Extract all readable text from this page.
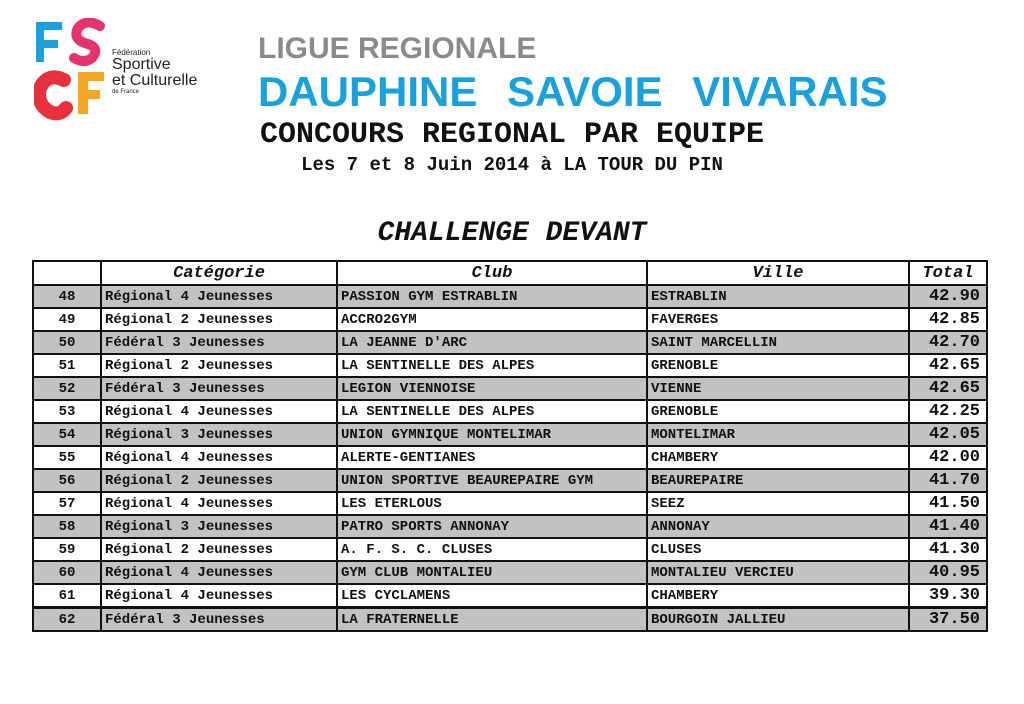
Fédération
Sportive
et Culturelle
de France
LIGUE REGIONALE
DAUPHINE SAVOIE VIVARAIS
CONCOURS REGIONAL PAR EQUIPE
Les 7 et 8 Juin 2014 à LA TOUR DU PIN
CHALLENGE DEVANT
	Catégorie	Club	Ville	Total
48	Régional 4 Jeunesses	PASSION GYM ESTRABLIN	ESTRABLIN	42.90
49	Régional 2 Jeunesses	ACCRO2GYM	FAVERGES	42.85
50	Fédéral 3 Jeunesses	LA JEANNE D'ARC	SAINT MARCELLIN	42.70
51	Régional 2 Jeunesses	LA SENTINELLE DES ALPES	GRENOBLE	42.65
52	Fédéral 3 Jeunesses	LEGION VIENNOISE	VIENNE	42.65
53	Régional 4 Jeunesses	LA SENTINELLE DES ALPES	GRENOBLE	42.25
54	Régional 3 Jeunesses	UNION GYMNIQUE MONTELIMAR	MONTELIMAR	42.05
55	Régional 4 Jeunesses	ALERTE-GENTIANES	CHAMBERY	42.00
56	Régional 2 Jeunesses	UNION SPORTIVE BEAUREPAIRE GYM	BEAUREPAIRE	41.70
57	Régional 4 Jeunesses	LES ETERLOUS	SEEZ	41.50
58	Régional 3 Jeunesses	PATRO SPORTS ANNONAY	ANNONAY	41.40
59	Régional 2 Jeunesses	A. F. S. C. CLUSES	CLUSES	41.30
60	Régional 4 Jeunesses	GYM CLUB MONTALIEU	MONTALIEU VERCIEU	40.95
61	Régional 4 Jeunesses	LES CYCLAMENS	CHAMBERY	39.30
62	Fédéral 3 Jeunesses	LA FRATERNELLE	BOURGOIN JALLIEU	37.50
